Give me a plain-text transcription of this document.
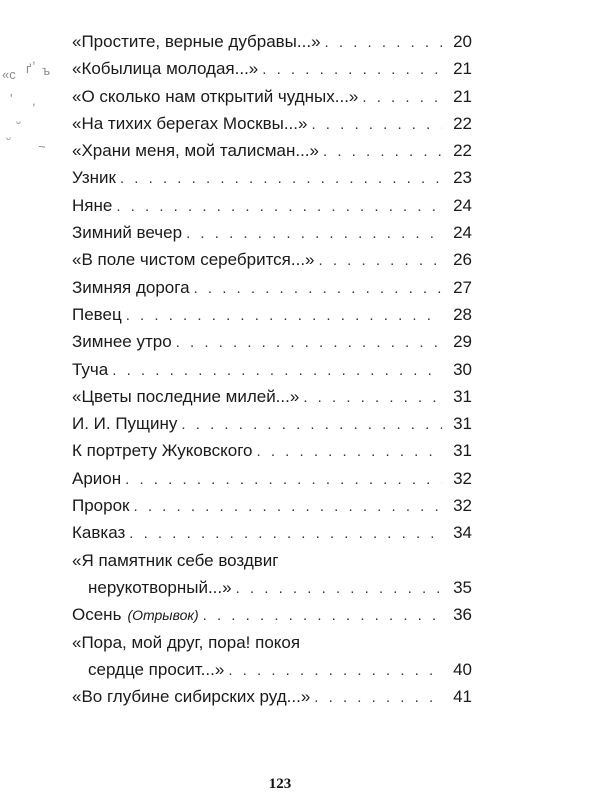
,
«с ґ ъ
' ,
ᵕ
ᵕ
~
«Простите, верные дубравы...» . . .	20
«Кобылица молодая...» . . .	21
«О сколько нам открытий чудных...» . . .	21
«На тихих берегах Москвы...» . . .	22
«Храни меня, мой талисман...» . . .	22
Узник . . .	23
Няне . . .	24
Зимний вечер . . .	24
«В поле чистом серебрится...» . . .	26
Зимняя дорога . . .	27
Певец . . .	28
Зимнее утро . . .	29
Туча . . .	30
«Цветы последние милей...» . . .	31
И. И. Пущину . . .	31
К портрету Жуковского . . .	31
Арион . . .	32
Пророк . . .	32
Кавказ . . .	34
«Я памятник себе воздвиг
нерукотворный...» . . .	35
Осень (Отрывок) . . .	36
«Пора, мой друг, пора! покоя
сердце просит...» . . .	40
«Во глубине сибирских руд...» . . .	41
123
